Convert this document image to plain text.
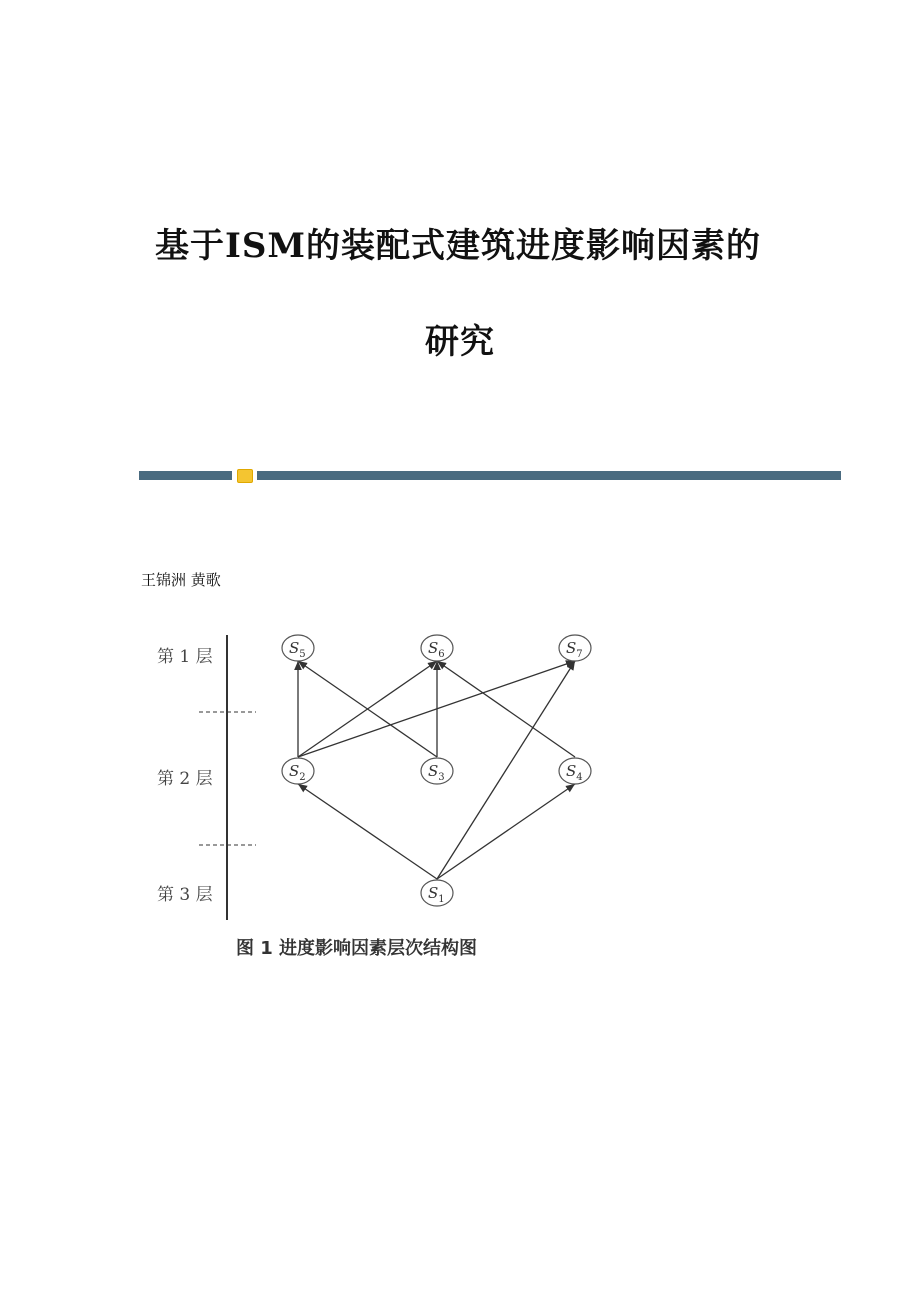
基于ISM的装配式建筑进度影响因素的
研究
王锦洲 黄歌
第 1 层
第 2 层
第 3 层
$S_5$	$S_6$	$S_7$
$S_2$	$S_3$	$S_4$
$S_1$
图 1 进度影响因素层次结构图
